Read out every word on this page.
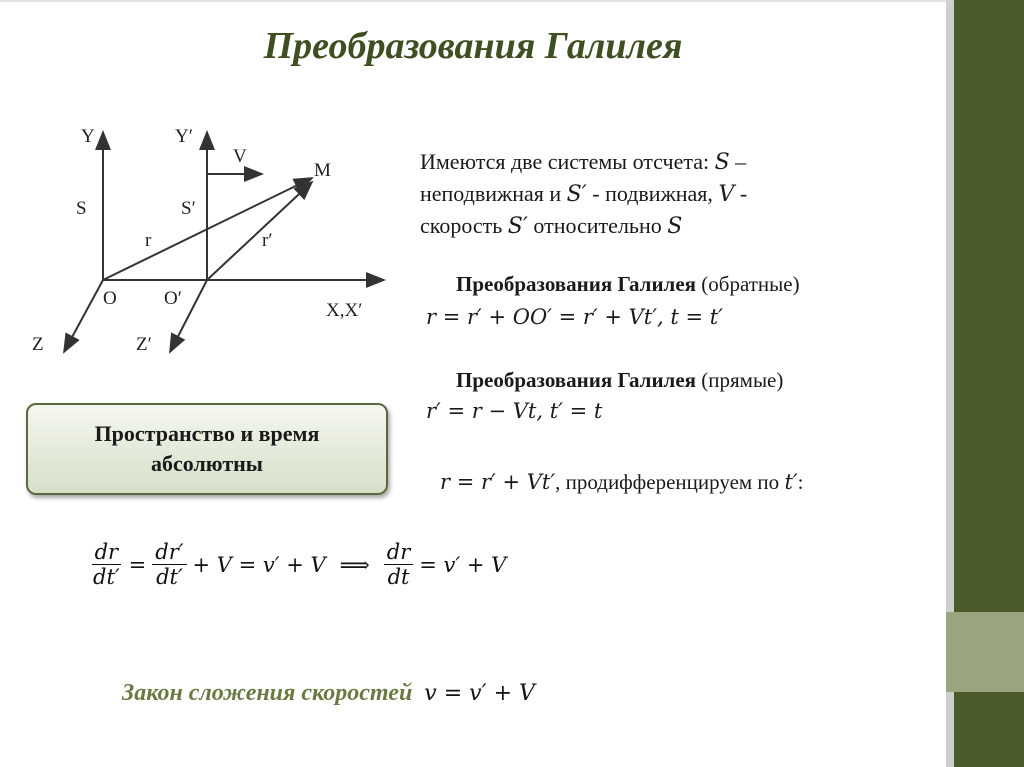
Преобразования Галилея
Y	Y′
V
M
S	S′
r	r′
O O′
X,X′
Z	Z′
Имеются две системы отсчета: S –
неподвижная и S′ - подвижная, V -
скорость S′ относительно S
Преобразования Галилея (обратные)
r = r′ + OO′ = r′ + Vt′, t = t′
Преобразования Галилея (прямые)
r′ = r − Vt, t′ = t
r = r′ + Vt′, продифференцируем по t′:
Пространство и время
абсолютны
$\frac{dr}{dt'} = \frac{dr'}{dt'} + V = v' + V$ ⟹ $\frac{dr}{dt} = v' + V$
Закон сложения скоростей v = v′ + V
